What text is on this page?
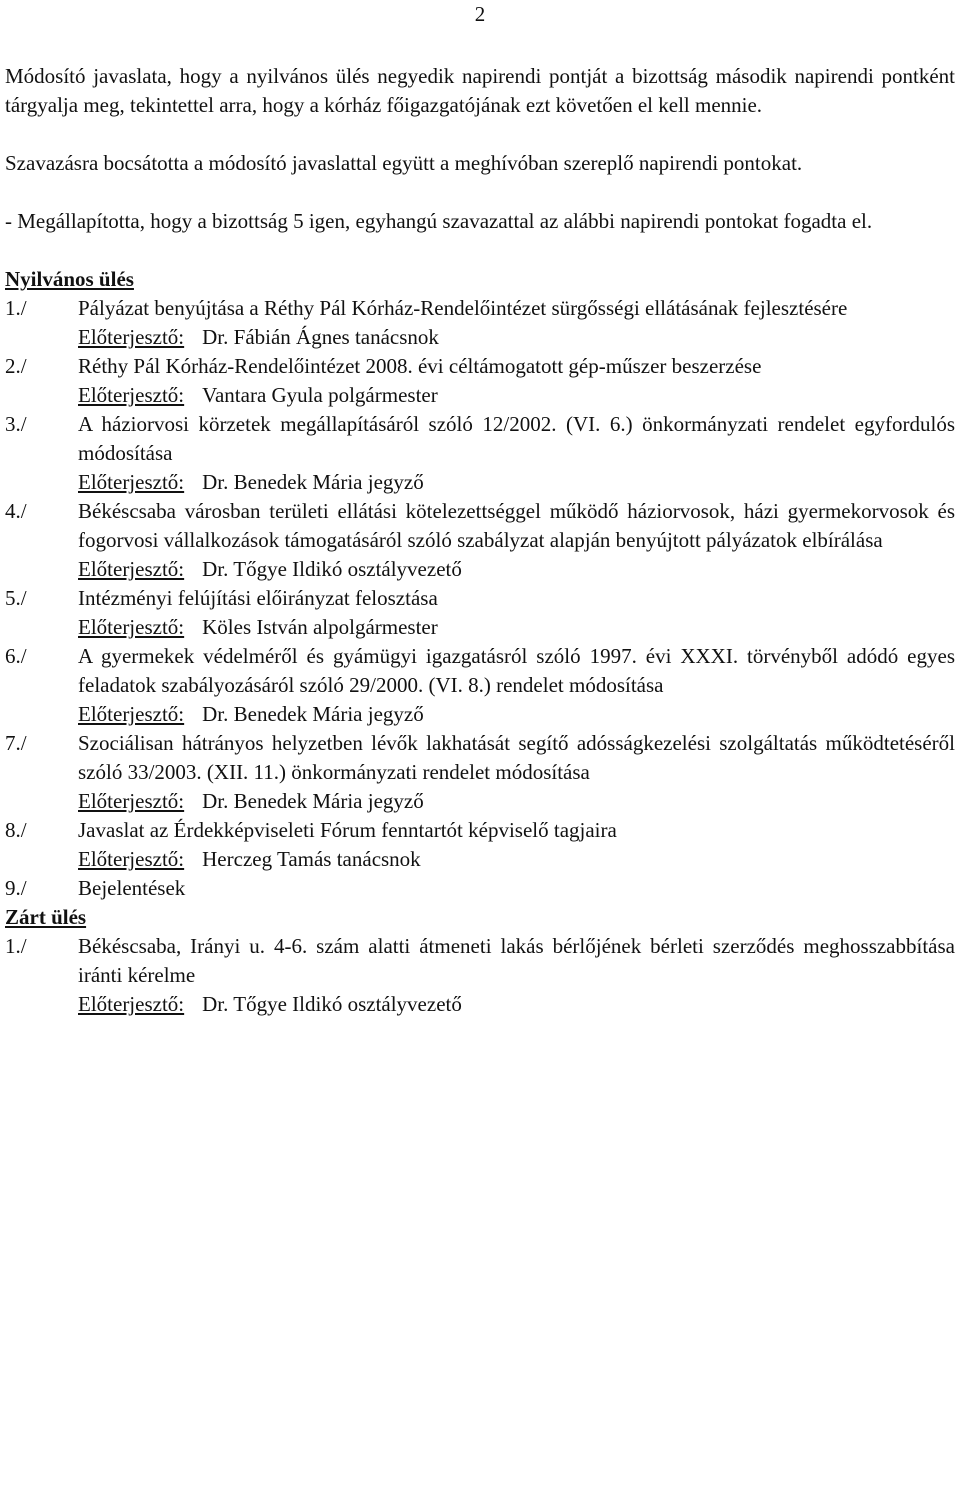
2

Módosító javaslata, hogy a nyilvános ülés negyedik napirendi pontját a bizottság második napirendi pontként tárgyalja meg, tekintettel arra, hogy a kórház főigazgatójának ezt követően el kell mennie.

Szavazásra bocsátotta a módosító javaslattal együtt a meghívóban szereplő napirendi pontokat.

- Megállapította, hogy a bizottság 5 igen, egyhangú szavazattal az alábbi napirendi pontokat fogadta el.

Nyilvános ülés

1./	Pályázat benyújtása a Réthy Pál Kórház-Rendelőintézet sürgősségi ellátásának fejlesztésére
Előterjesztő: Dr. Fábián Ágnes tanácsnok
2./	Réthy Pál Kórház-Rendelőintézet 2008. évi céltámogatott gép-műszer beszerzése
Előterjesztő: Vantara Gyula polgármester
3./	A háziorvosi körzetek megállapításáról szóló 12/2002. (VI. 6.) önkormányzati rendelet egyfordulós módosítása
Előterjesztő: Dr. Benedek Mária jegyző
4./	Békéscsaba városban területi ellátási kötelezettséggel működő háziorvosok, házi gyermekorvosok és fogorvosi vállalkozások támogatásáról szóló szabályzat alapján benyújtott pályázatok elbírálása
Előterjesztő: Dr. Tőgye Ildikó osztályvezető
5./	Intézményi felújítási előirányzat felosztása
Előterjesztő: Köles István alpolgármester
6./	A gyermekek védelméről és gyámügyi igazgatásról szóló 1997. évi XXXI. törvényből adódó egyes feladatok szabályozásáról szóló 29/2000. (VI. 8.) rendelet módosítása
Előterjesztő: Dr. Benedek Mária jegyző
7./	Szociálisan hátrányos helyzetben lévők lakhatását segítő adósságkezelési szolgáltatás működtetéséről szóló 33/2003. (XII. 11.) önkormányzati rendelet módosítása
Előterjesztő: Dr. Benedek Mária jegyző
8./	Javaslat az Érdekképviseleti Fórum fenntartót képviselő tagjaira
Előterjesztő: Herczeg Tamás tanácsnok
9./	Bejelentések

Zárt ülés

1./	Békéscsaba, Irányi u. 4-6. szám alatti átmeneti lakás bérlőjének bérleti szerződés meghosszabbítása iránti kérelme
Előterjesztő: Dr. Tőgye Ildikó osztályvezető
